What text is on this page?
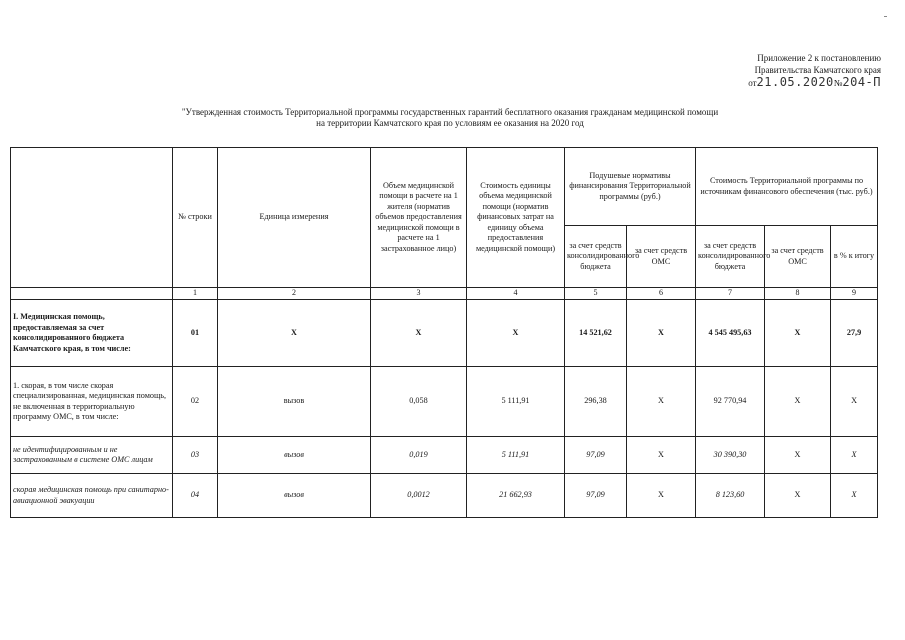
Приложение 2 к постановлению
Правительства Камчатского края
от21.05.2020№204-П
"Утвержденная стоимость Территориальной программы государственных гарантий бесплатного оказания гражданам медицинской помощи
на территории Камчатского края по условиям ее оказания на 2020 год
	№ строки	Единица измерения	Объем медицинской помощи в расчете на 1 жителя (норматив объемов предоставления медицинской помощи в расчете на 1 застрахованное лицо)	Стоимость единицы объема медицинской помощи (норматив финансовых затрат на единицу объема предоставления медицинской помощи)	Подушевые нормативы финансирования Территориальной программы (руб.)		Стоимость Территориальной программы по источникам финансового обеспечения (тыс. руб.)		
					за счет средств консолидированного бюджета	за счет средств ОМС	за счет средств консолидированного бюджета	за счет средств ОМС	в % к итогу
	1	2	3	4	5	6	7	8	9
I. Медицинская помощь, предоставляемая за счет консолидированного бюджета Камчатского края, в том числе:	01	Х	Х	Х	14 521,62	Х	4 545 495,63	Х	27,9
1. скорая, в том числе скорая специализированная, медицинская помощь, не включенная в территориальную программу ОМС, в том числе:	02	вызов	0,058	5 111,91	296,38	Х	92 770,94	Х	Х
не идентифицированным и не застрахованным в системе ОМС лицам	03	вызов	0,019	5 111,91	97,09	Х	30 390,30	Х	Х
скорая медицинская помощь при санитарно-авиационной эвакуации	04	вызов	0,0012	21 662,93	97,09	Х	8 123,60	Х	Х
